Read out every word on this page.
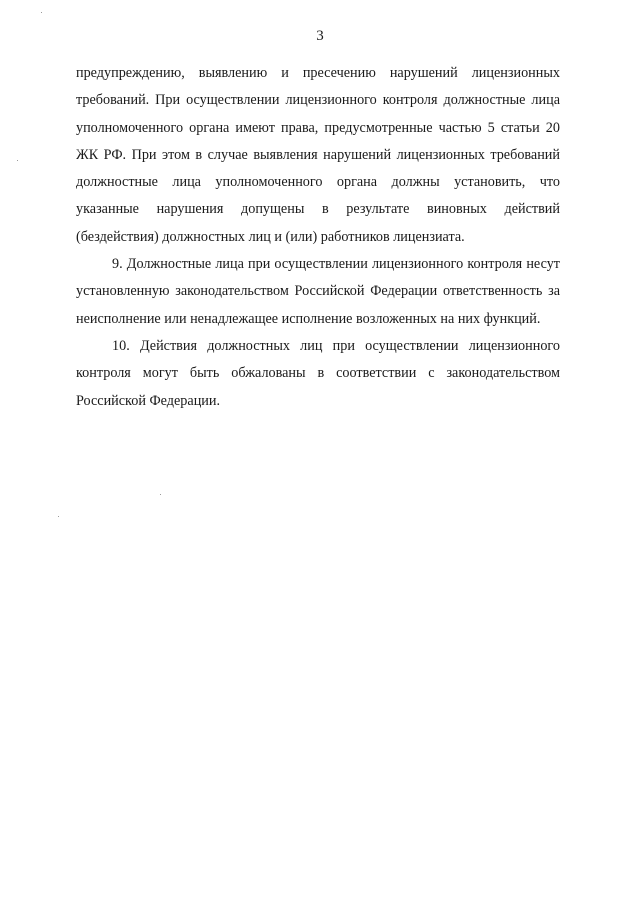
3

предупреждению, выявлению и пресечению нарушений лицензионных требований. При осуществлении лицензионного контроля должностные лица уполномоченного органа имеют права, предусмотренные частью 5 статьи 20 ЖК РФ. При этом в случае выявления нарушений лицензионных требований должностные лица уполномоченного органа должны установить, что указанные нарушения допущены в результате виновных действий (бездействия) должностных лиц и (или) работников лицензиата.

9. Должностные лица при осуществлении лицензионного контроля несут установленную законодательством Российской Федерации ответственность за неисполнение или ненадлежащее исполнение возложенных на них функций.

10. Действия должностных лиц при осуществлении лицензионного контроля могут быть обжалованы в соответствии с законодательством Российской Федерации.
